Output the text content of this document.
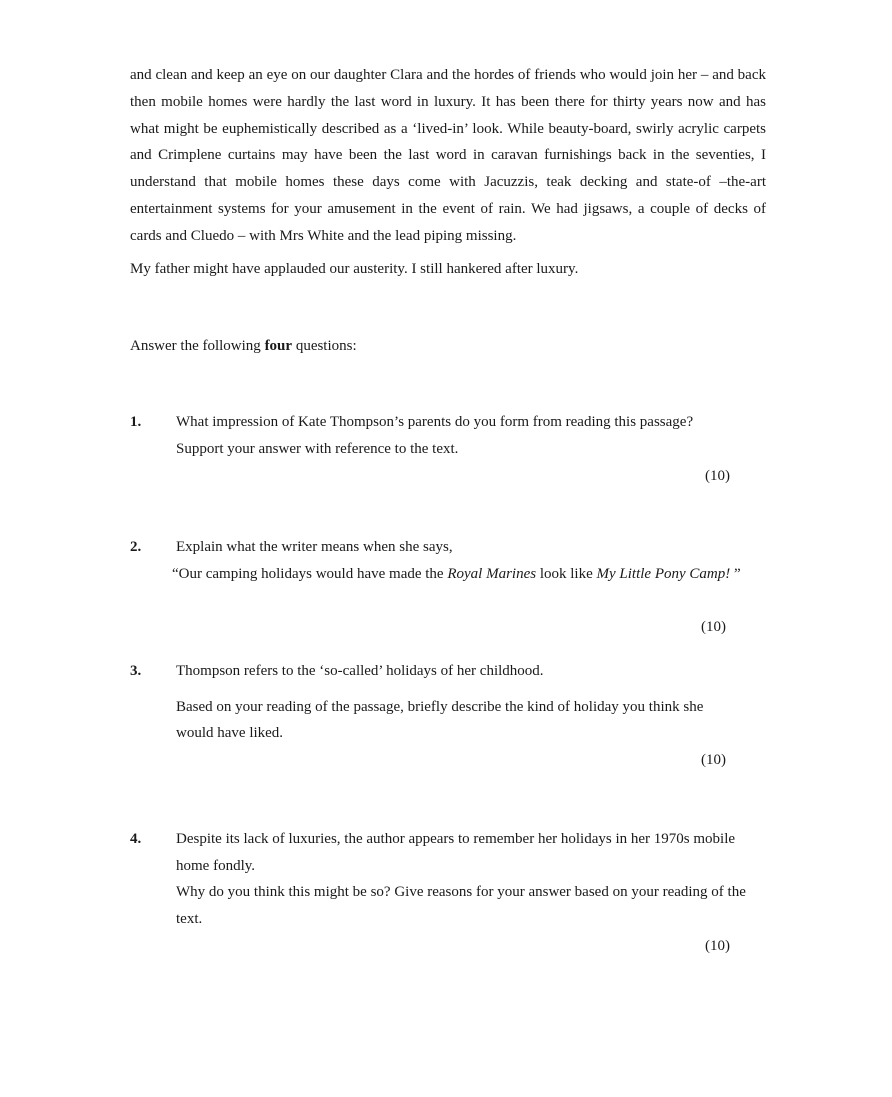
and clean and keep an eye on our daughter Clara and the hordes of friends who would join her – and back then mobile homes were hardly the last word in luxury. It has been there for thirty years now and has what might be euphemistically described as a ‘lived-in’ look. While beauty-board, swirly acrylic carpets and Crimplene curtains may have been the last word in caravan furnishings back in the seventies, I understand that mobile homes these days come with Jacuzzis, teak decking and state-of –the-art entertainment systems for your amusement in the event of rain. We had jigsaws, a couple of decks of cards and Cluedo – with Mrs White and the lead piping missing.

My father might have applauded our austerity. I still hankered after luxury.

Answer the following four questions:

1. What impression of Kate Thompson’s parents do you form from reading this passage?

Support your answer with reference to the text.

(10)
2. Explain what the writer means when she says,

“Our camping holidays would have made the Royal Marines look like My Little Pony Camp! ”

(10)
3. Thompson refers to the ‘so-called’ holidays of her childhood.

Based on your reading of the passage, briefly describe the kind of holiday you think she would have liked.

(10)
4. Despite its lack of luxuries, the author appears to remember her holidays in her 1970s mobile home fondly.

Why do you think this might be so? Give reasons for your answer based on your reading of the text.

(10)
